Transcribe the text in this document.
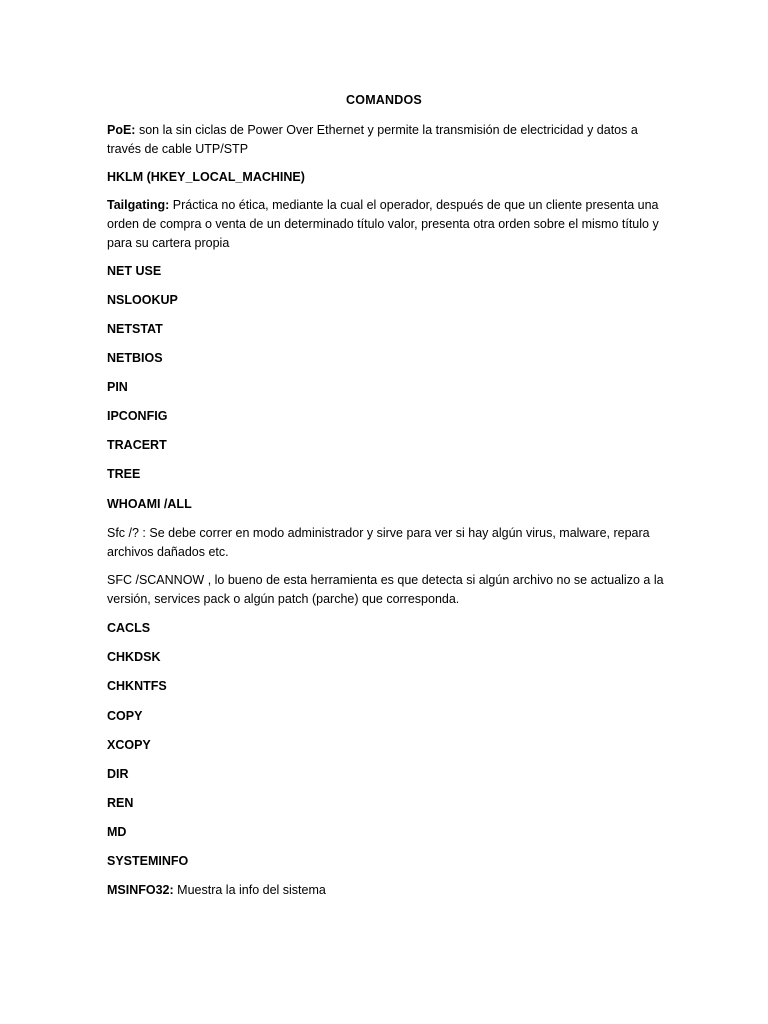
COMANDOS
PoE: son la sin ciclas de Power Over Ethernet y permite la transmisión de electricidad y datos a través de cable UTP/STP
HKLM (HKEY_LOCAL_MACHINE)
Tailgating: Práctica no ética, mediante la cual el operador, después de que un cliente presenta una orden de compra o venta de un determinado título valor, presenta otra orden sobre el mismo título y para su cartera propia
NET USE
NSLOOKUP
NETSTAT
NETBIOS
PIN
IPCONFIG
TRACERT
TREE
WHOAMI /ALL
Sfc /? : Se debe correr en modo administrador y sirve para ver si hay algún virus, malware, repara archivos dañados etc.
SFC /SCANNOW , lo bueno de esta herramienta es que detecta si algún archivo no se actualizo a la versión, services pack o algún patch (parche) que corresponda.
CACLS
CHKDSK
CHKNTFS
COPY
XCOPY
DIR
REN
MD
SYSTEMINFO
MSINFO32: Muestra la info del sistema
